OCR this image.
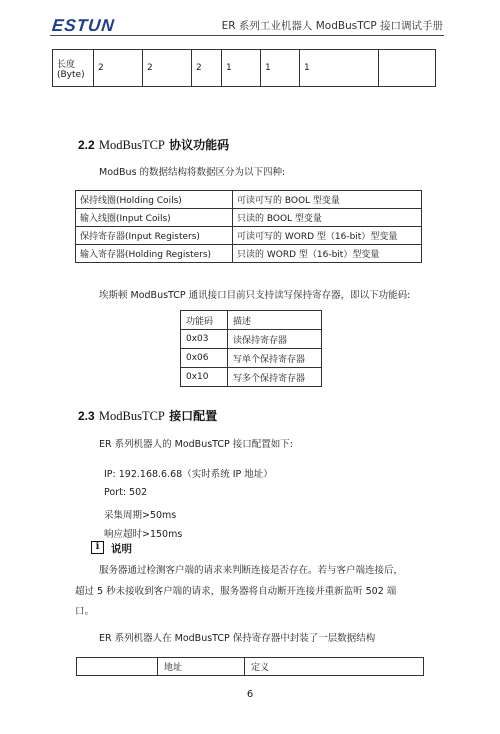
ESTUN	ER 系列工业机器人 ModBusTCP 接口调试手册
长度
(Byte)
	2	2	2	1	1	1	
2.2 ModBusTCP 协议功能码
ModBus 的数据结构将数据区分为以下四种:
保持线圈(Holding Coils)	可读可写的 BOOL 型变量
输入线圈(Input Coils)	只读的 BOOL 型变量
保持寄存器(Input Registers)	可读可写的 WORD 型（16-bit）型变量
输入寄存器(Holding Registers)	只读的 WORD 型（16-bit）型变量
埃斯顿 ModBusTCP 通讯接口目前只支持读写保持寄存器，即以下功能码:
功能码	描述
0x03	读保持寄存器
0x06	写单个保持寄存器
0x10	写多个保持寄存器
2.3 ModBusTCP 接口配置
ER 系列机器人的 ModBusTCP 接口配置如下:
IP: 192.168.6.68（实时系统 IP 地址）
Port: 502
采集周期>50ms
响应超时>150ms
i	说明
服务器通过检测客户端的请求来判断连接是否存在。若与客户端连接后，
超过 5 秒未接收到客户端的请求，服务器将自动断开连接并重新监听 502 端
口。
ER 系列机器人在 ModBusTCP 保持寄存器中封装了一层数据结构
	地址	定义
6
